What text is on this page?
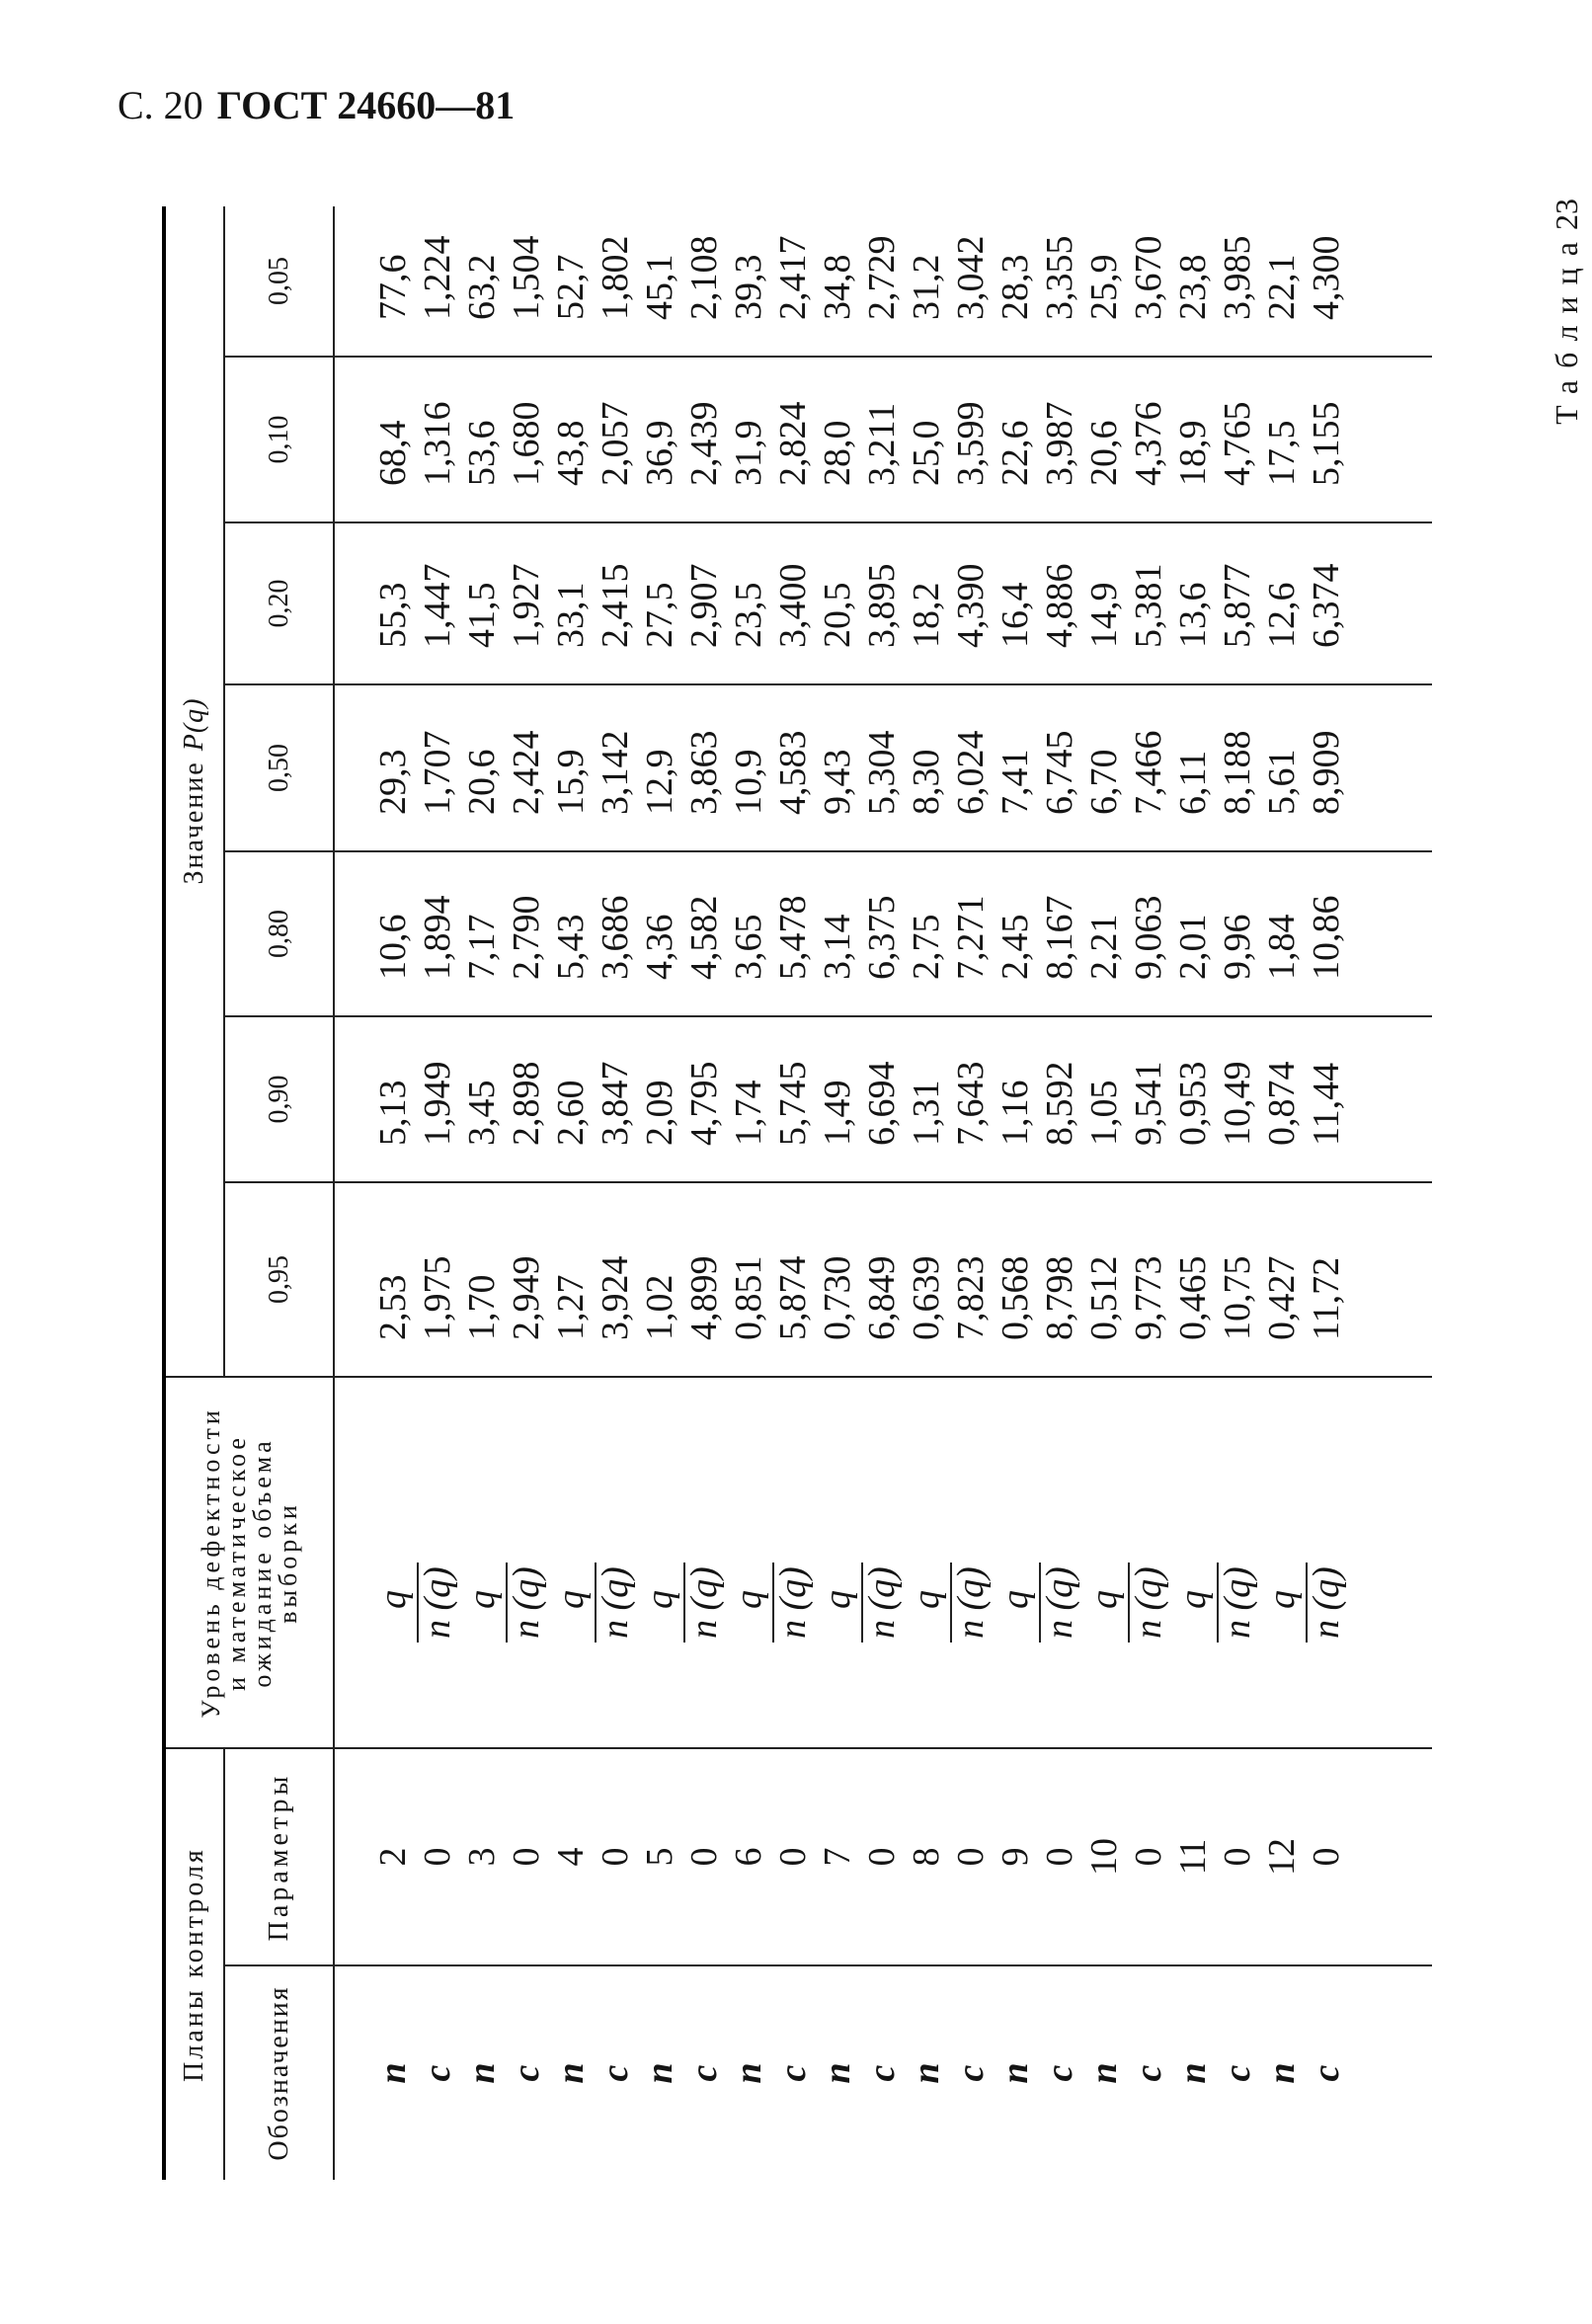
С. 20 ГОСТ 24660—81
Таблица23
Планы контроля		Уровень дефектности
и математическое
ожидание объема
выборки	ЗначениеP(q)						
Обозначения	Параметры		0,95	0,90	0,80	0,50	0,20	0,10	0,05

n	2	q	2,53	5,13	10,6	29,3	55,3	68,4	77,6
c	0	n (q)	1,975	1,949	1,894	1,707	1,447	1,316	1,224
n	3	q	1,70	3,45	7,17	20,6	41,5	53,6	63,2
c	0	n (q)	2,949	2,898	2,790	2,424	1,927	1,680	1,504
n	4	q	1,27	2,60	5,43	15,9	33,1	43,8	52,7
c	0	n (q)	3,924	3,847	3,686	3,142	2,415	2,057	1,802
n	5	q	1,02	2,09	4,36	12,9	27,5	36,9	45,1
c	0	n (q)	4,899	4,795	4,582	3,863	2,907	2,439	2,108
n	6	q	0,851	1,74	3,65	10,9	23,5	31,9	39,3
c	0	n (q)	5,874	5,745	5,478	4,583	3,400	2,824	2,417
n	7	q	0,730	1,49	3,14	9,43	20,5	28,0	34,8
c	0	n (q)	6,849	6,694	6,375	5,304	3,895	3,211	2,729
n	8	q	0,639	1,31	2,75	8,30	18,2	25,0	31,2
c	0	n (q)	7,823	7,643	7,271	6,024	4,390	3,599	3,042
n	9	q	0,568	1,16	2,45	7,41	16,4	22,6	28,3
c	0	n (q)	8,798	8,592	8,167	6,745	4,886	3,987	3,355
n	10	q	0,512	1,05	2,21	6,70	14,9	20,6	25,9
c	0	n (q)	9,773	9,541	9,063	7,466	5,381	4,376	3,670
n	11	q	0,465	0,953	2,01	6,11	13,6	18,9	23,8
c	0	n (q)	10,75	10,49	9,96	8,188	5,877	4,765	3,985
n	12	q	0,427	0,874	1,84	5,61	12,6	17,5	22,1
c	0	n (q)	11,72	11,44	10,86	8,909	6,374	5,155	4,300
